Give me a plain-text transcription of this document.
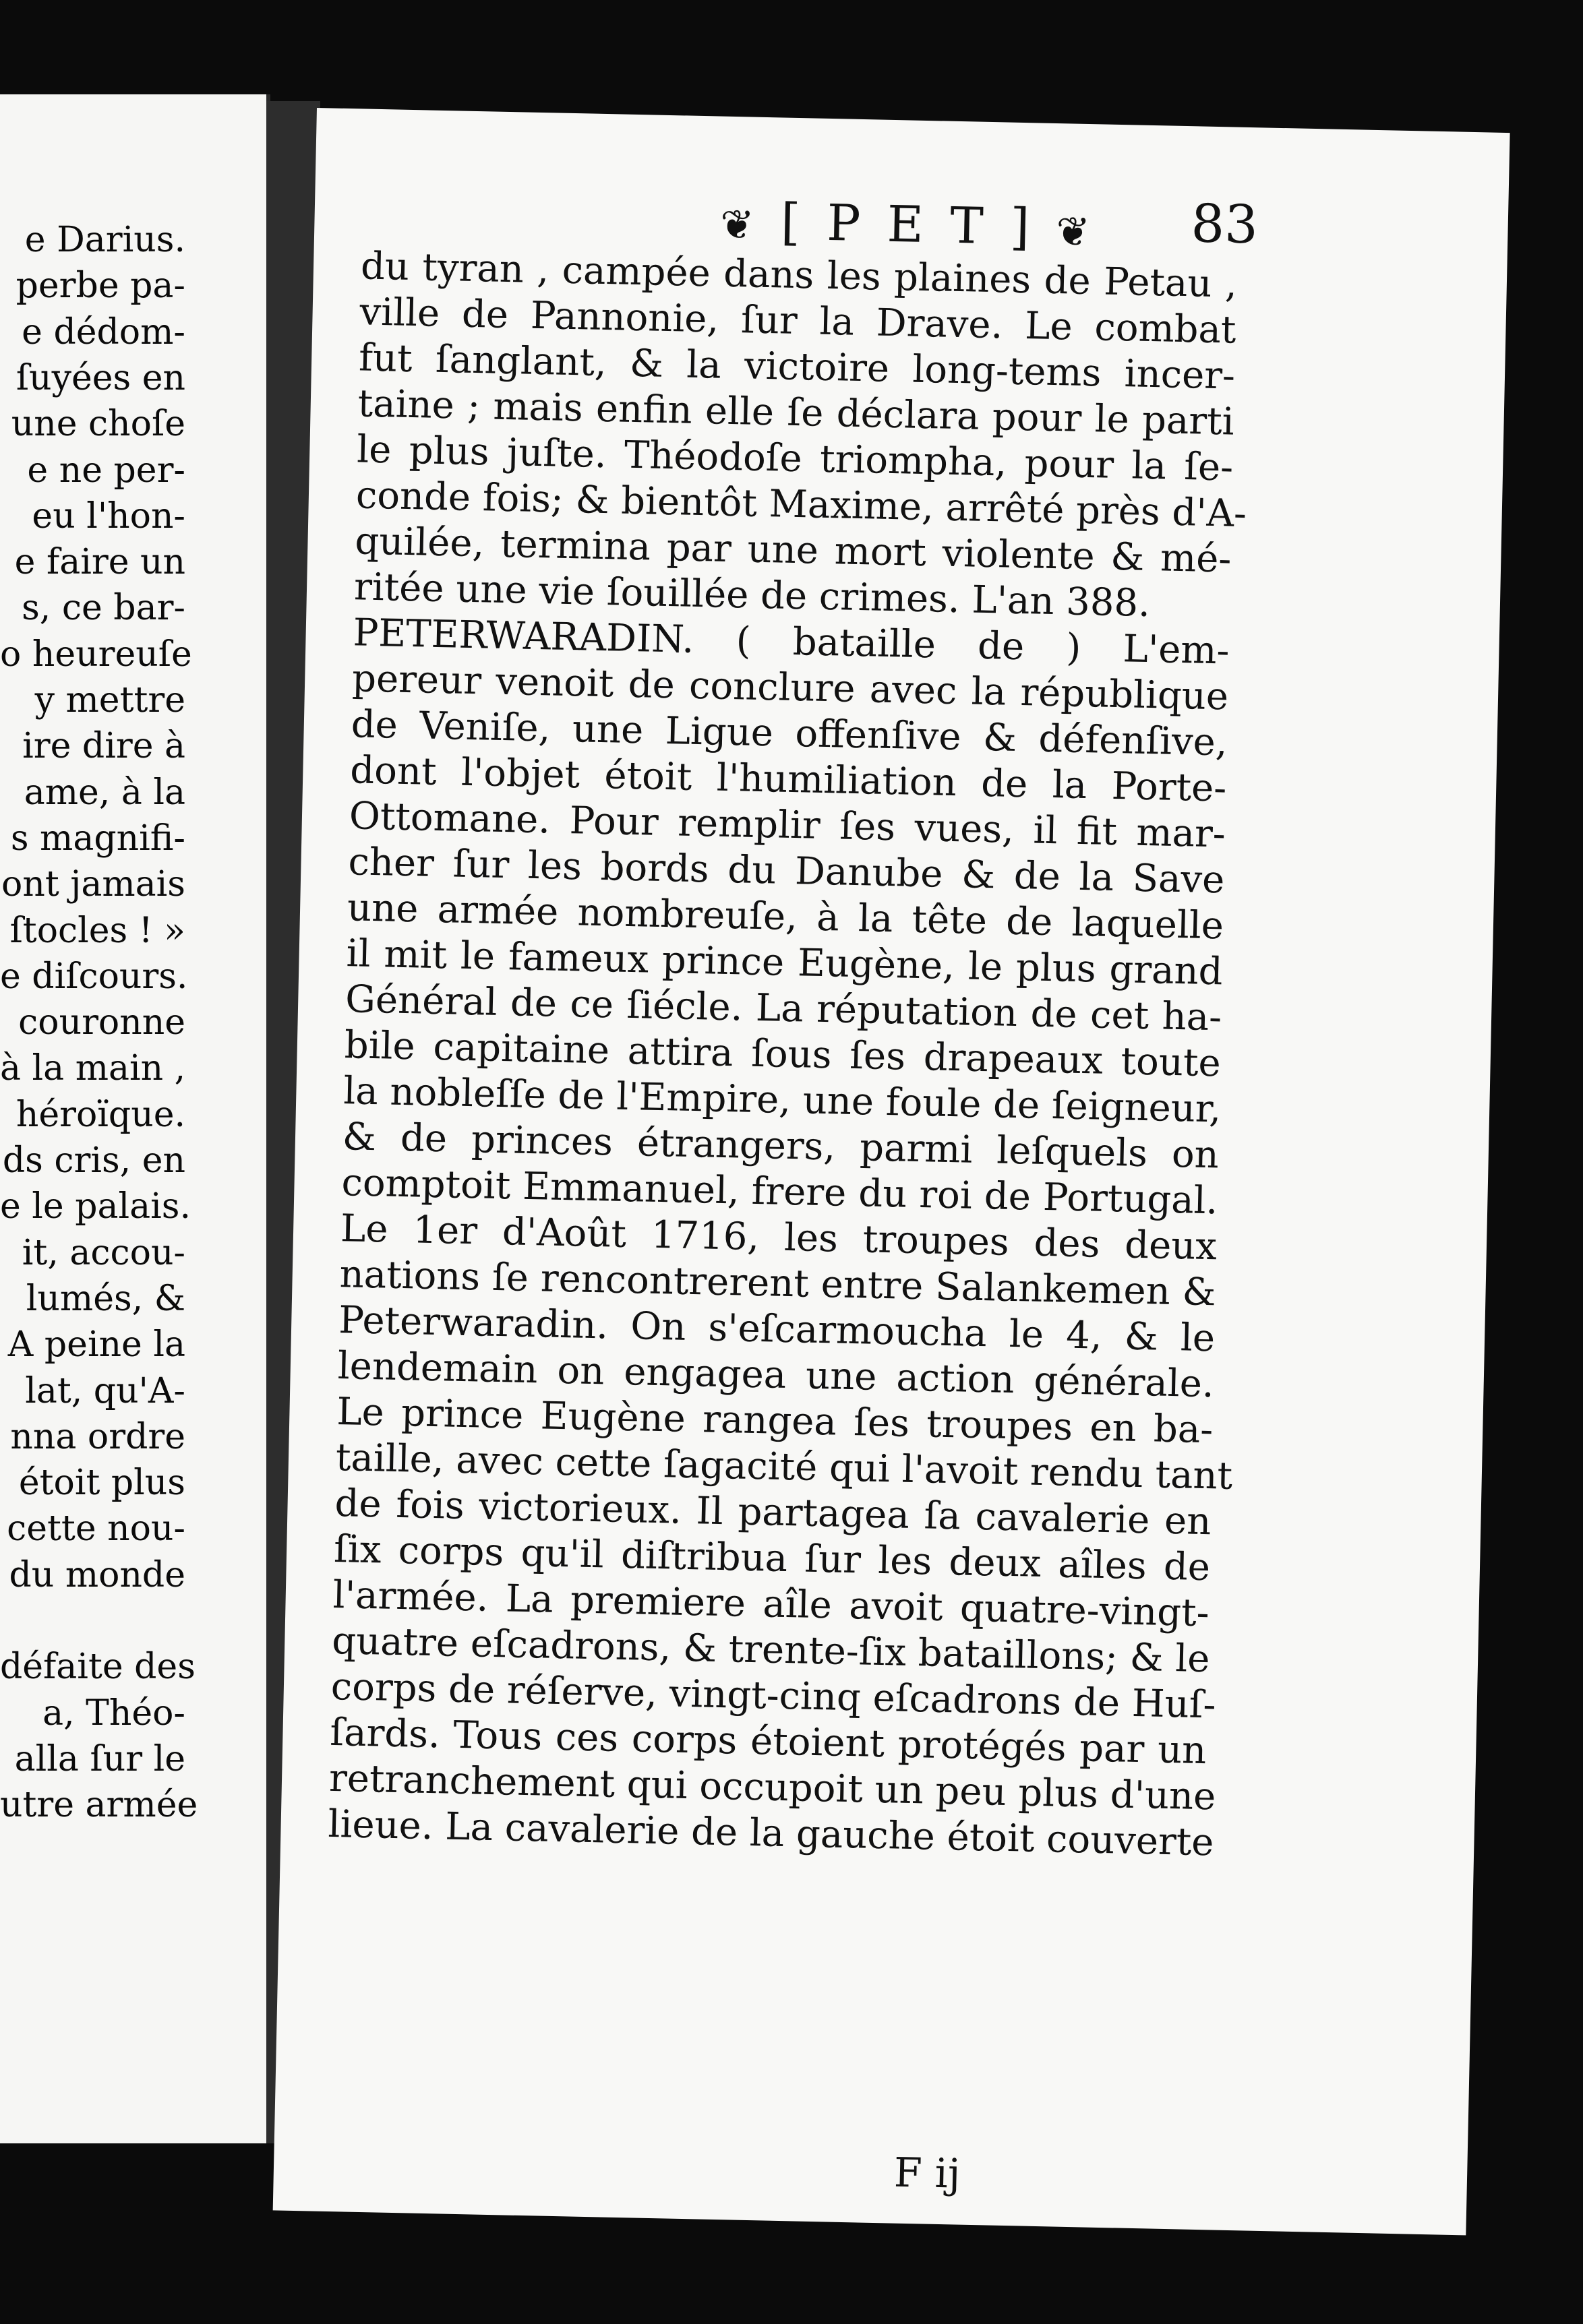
❦ [ P E T ] ❦	83
du tyran , campée dans les plaines de Petau ,
ville de Pannonie, ſur la Drave. Le combat
fut ſanglant, & la victoire long-tems incer-
taine ; mais enfin elle ſe déclara pour le parti
le plus juſte. Théodoſe triompha, pour la ſe-
conde fois; & bientôt Maxime, arrêté près d'A-
quilée, termina par une mort violente & mé-
ritée une vie ſouillée de crimes. L'an 388.
PETERWARADIN. ( bataille de ) L'em-
pereur venoit de conclure avec la république
de Veniſe, une Ligue offenſive & défenſive,
dont l'objet étoit l'humiliation de la Porte-
Ottomane. Pour remplir ſes vues, il fit mar-
cher ſur les bords du Danube & de la Save
une armée nombreuſe, à la tête de laquelle
il mit le fameux prince Eugène, le plus grand
Général de ce ſiécle. La réputation de cet ha-
bile capitaine attira ſous ſes drapeaux toute
la nobleſſe de l'Empire, une foule de ſeigneur,
& de princes étrangers, parmi leſquels on
comptoit Emmanuel, frere du roi de Portugal.
Le 1er d'Août 1716, les troupes des deux
nations ſe rencontrerent entre Salankemen &
Peterwaradin. On s'eſcarmoucha le 4, & le
lendemain on engagea une action générale.
Le prince Eugène rangea ſes troupes en ba-
taille, avec cette ſagacité qui l'avoit rendu tant
de fois victorieux. Il partagea ſa cavalerie en
ſix corps qu'il diſtribua ſur les deux aîles de
l'armée. La premiere aîle avoit quatre-vingt-
quatre eſcadrons, & trente-ſix bataillons; & le
corps de réſerve, vingt-cinq eſcadrons de Huſ-
ſards. Tous ces corps étoient protégés par un
retranchement qui occupoit un peu plus d'une
lieue. La cavalerie de la gauche étoit couverte
F ij
e Darius.
perbe pa-
e dédom-
ſuyées en
une choſe
e ne per-
eu l'hon-
e faire un
s, ce bar-
o heureuſe
y mettre
ire dire à
ame, à la
s magnifi-
ont jamais
ſtocles ! »
e diſcours.
couronne
à la main ,
héroïque.
ds cris, en
e le palais.
it, accou-
lumés, &
A peine la
lat, qu'A-
nna ordre
étoit plus
cette nou-
du monde
défaite des
a, Théo-
alla ſur le
utre armée
